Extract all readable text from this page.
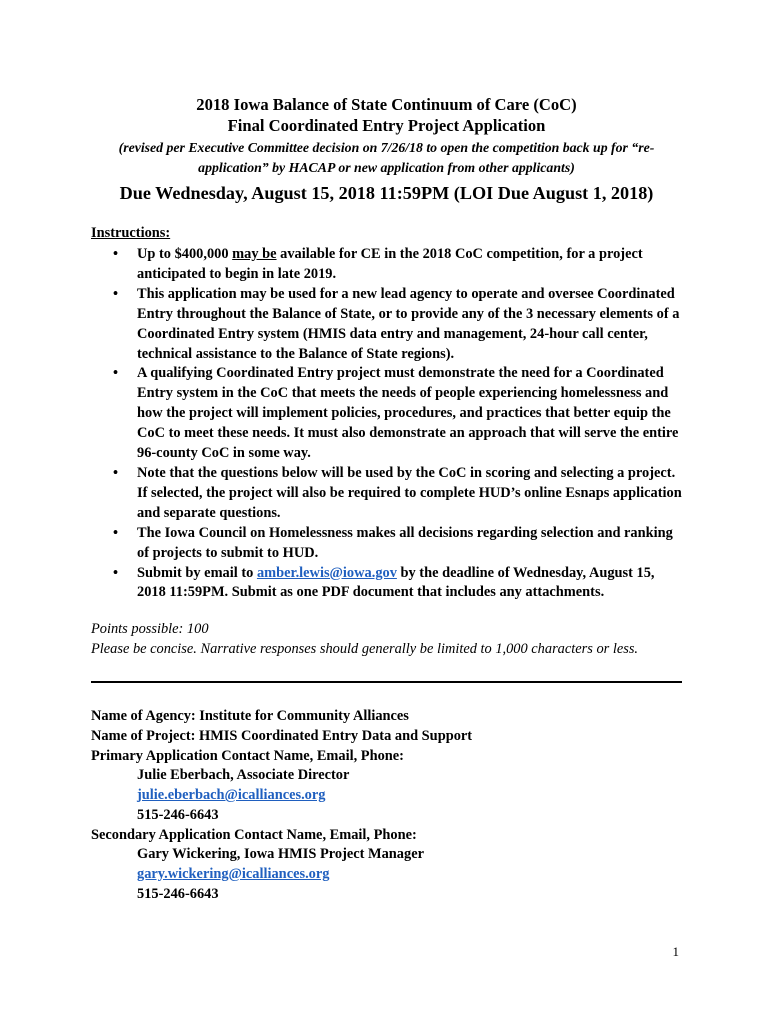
2018 Iowa Balance of State Continuum of Care (CoC)

Final Coordinated Entry Project Application

(revised per Executive Committee decision on 7/26/18 to open the competition back up for “re-application” by HACAP or new application from other applicants)

Due Wednesday, August 15, 2018 11:59PM (LOI Due August 1, 2018)

Instructions:

• Up to $400,000 may be available for CE in the 2018 CoC competition, for a project anticipated to begin in late 2019.
• This application may be used for a new lead agency to operate and oversee Coordinated Entry throughout the Balance of State, or to provide any of the 3 necessary elements of a Coordinated Entry system (HMIS data entry and management, 24-hour call center, technical assistance to the Balance of State regions).
• A qualifying Coordinated Entry project must demonstrate the need for a Coordinated Entry system in the CoC that meets the needs of people experiencing homelessness and how the project will implement policies, procedures, and practices that better equip the CoC to meet these needs. It must also demonstrate an approach that will serve the entire 96-county CoC in some way.
• Note that the questions below will be used by the CoC in scoring and selecting a project. If selected, the project will also be required to complete HUD’s online Esnaps application and separate questions.
• The Iowa Council on Homelessness makes all decisions regarding selection and ranking of projects to submit to HUD.
• Submit by email to amber.lewis@iowa.gov by the deadline of Wednesday, August 15, 2018 11:59PM. Submit as one PDF document that includes any attachments.

Points possible: 100

Please be concise. Narrative responses should generally be limited to 1,000 characters or less.

Name of Agency: Institute for Community Alliances

Name of Project: HMIS Coordinated Entry Data and Support

Primary Application Contact Name, Email, Phone:

Julie Eberbach, Associate Director

julie.eberbach@icalliances.org

515-246-6643

Secondary Application Contact Name, Email, Phone:

Gary Wickering, Iowa HMIS Project Manager

gary.wickering@icalliances.org

515-246-6643

1
